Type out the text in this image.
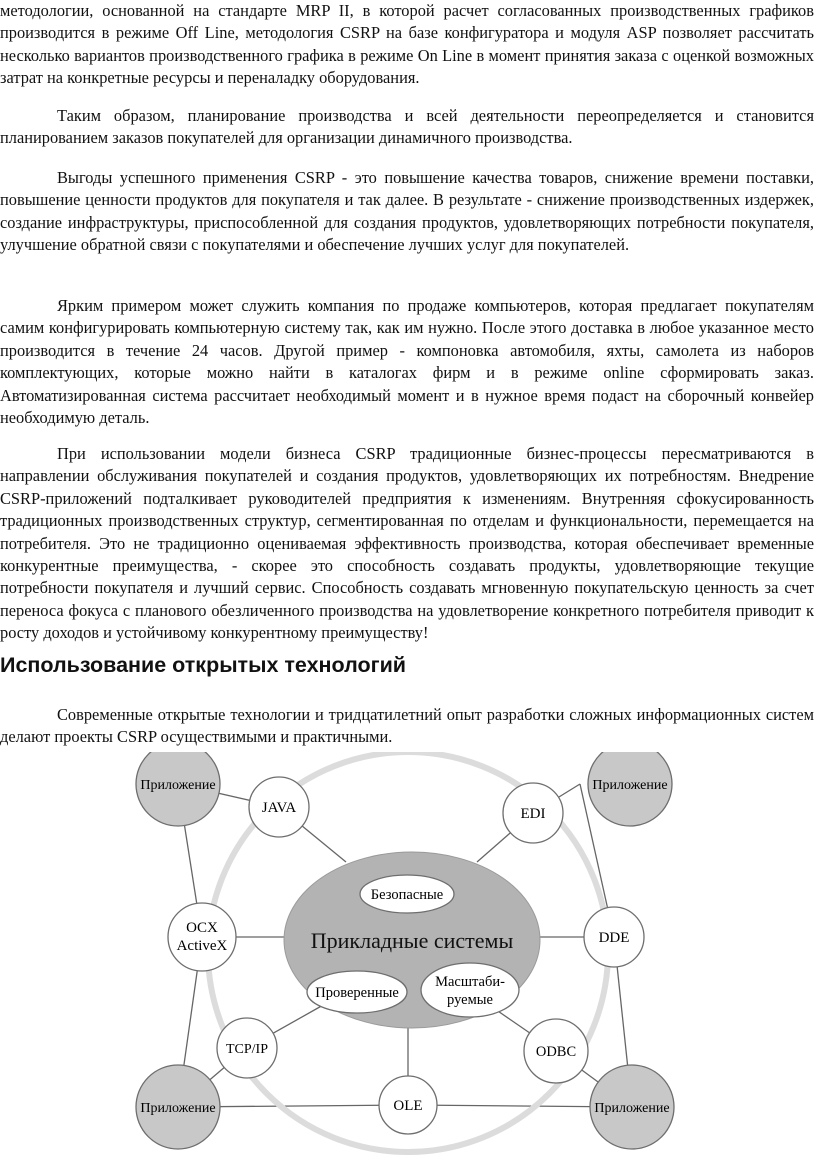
методологии, основанной на стандарте MRP II, в которой расчет согласованных производственных графиков производится в режиме Off Line, методология CSRP на базе конфигуратора и модуля ASP позволяет рассчитать несколько вариантов производственного графика в режиме On Line в момент принятия заказа с оценкой возможных затрат на конкретные ресурсы и переналадку оборудования.

Таким образом, планирование производства и всей деятельности переопределяется и становится планированием заказов покупателей для организации динамичного производства.

Выгоды успешного применения CSRP - это повышение качества товаров, снижение времени поставки, повышение ценности продуктов для покупателя и так далее. В результате - снижение производственных издержек, создание инфраструктуры, приспособленной для создания продуктов, удовлетворяющих потребности покупателя, улучшение обратной связи с покупателями и обеспечение лучших услуг для покупателей.

Ярким примером может служить компания по продаже компьютеров, которая предлагает покупателям самим конфигурировать компьютерную систему так, как им нужно. После этого доставка в любое указанное место производится в течение 24 часов. Другой пример - компоновка автомобиля, яхты, самолета из наборов комплектующих, которые можно найти в каталогах фирм и в режиме online сформировать заказ. Автоматизированная система рассчитает необходимый момент и в нужное время подаст на сборочный конвейер необходимую деталь.

При использовании модели бизнеса CSRP традиционные бизнес-процессы пересматриваются в направлении обслуживания покупателей и создания продуктов, удовлетворяющих их потребностям. Внедрение CSRP-приложений подталкивает руководителей предприятия к изменениям. Внутренняя сфокусированность традиционных производственных структур, сегментированная по отделам и функциональности, перемещается на потребителя. Это не традиционно оцениваемая эффективность производства, которая обеспечивает временные конкурентные преимущества, - скорее это способность создавать продукты, удовлетворяющие текущие потребности покупателя и лучший сервис. Способность создавать мгновенную покупательскую ценность за счет переноса фокуса с планового обезличенного производства на удовлетворение конкретного потребителя приводит к росту доходов и устойчивому конкурентному преимуществу!

Использование открытых технологий

Современные открытые технологии и тридцатилетний опыт разработки сложных информационных систем делают проекты CSRP осуществимыми и практичными.

Прикладные системы
Безопасные
Проверенные
Масштаби-
руемые
JAVA	EDI
OCX
ActiveX	DDE
TCP/IP	ODBC
OLE
Приложение	Приложение
Приложение	Приложение
